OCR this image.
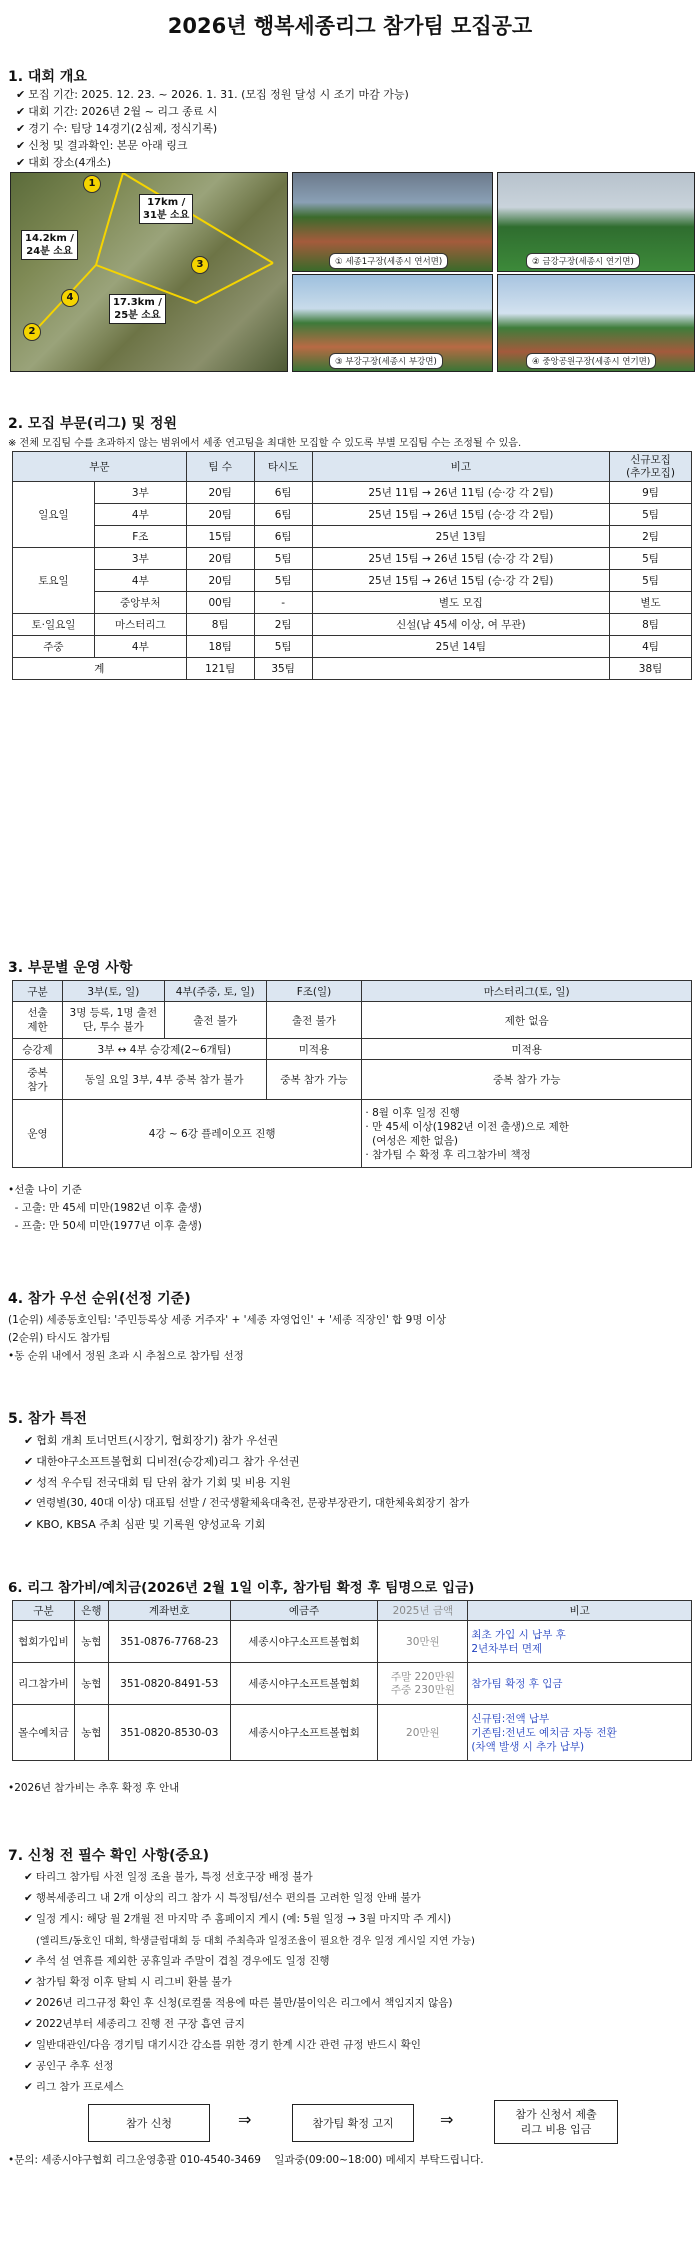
2026년 행복세종리그 참가팀 모집공고
1. 대회 개요
✔ 모집 기간: 2025. 12. 23. ~ 2026. 1. 31. (모집 정원 달성 시 조기 마감 가능)
✔ 대회 기간: 2026년 2월 ~ 리그 종료 시
✔ 경기 수: 팀당 14경기(2심제, 정식기록)
✔ 신청 및 결과확인: 본문 아래 링크
✔ 대회 장소(4개소)
1
3
4
2
17km /
31분 소요
14.2km /
24분 소요
17.3km /
25분 소요
① 세종1구장(세종시 연서면)	② 금강구장(세종시 연기면)
③ 부강구장(세종시 부강면)	④ 중앙공원구장(세종시 연기면)
2. 모집 부문(리그) 및 정원
※ 전체 모집팀 수를 초과하지 않는 범위에서 세종 연고팀을 최대한 모집할 수 있도록 부별 모집팀 수는 조정될 수 있음.
부문		팀 수	타시도	비고	신규모집
(추가모집)
일요일	3부	20팀	6팀	25년 11팀 → 26년 11팀 (승·강 각 2팀)	9팀
	4부	20팀	6팀	25년 15팀 → 26년 15팀 (승·강 각 2팀)	5팀
	F조	15팀	6팀	25년 13팀	2팀
토요일	3부	20팀	5팀	25년 15팀 → 26년 15팀 (승·강 각 2팀)	5팀
	4부	20팀	5팀	25년 15팀 → 26년 15팀 (승·강 각 2팀)	5팀
	중앙부처	00팀	-	별도 모집	별도
토·일요일	마스터리그	8팀	2팀	신설(남 45세 이상, 여 무관)	8팀
주중	4부	18팀	5팀	25년 14팀	4팀
계		121팀	35팀		38팀
3. 부문별 운영 사항
구분	3부(토, 일)	4부(주중, 토, 일)	F조(일)	마스터리그(토, 일)
선출
제한	3명 등록, 1명 출전
단, 투수 불가	출전 불가	출전 불가	제한 없음
승강제	3부 ↔ 4부 승강제(2~6개팀)		미적용	미적용
중복
참가	동일 요일 3부, 4부 중복 참가 불가		중복 참가 가능	중복 참가 가능
운영	4강 ~ 6강 플레이오프 진행			· 8월 이후 일정 진행
· 만 45세 이상(1982년 이전 출생)으로 제한
(여성은 제한 없음)
· 참가팀 수 확정 후 리그참가비 책정
•선출 나이 기준
- 고출: 만 45세 미만(1982년 이후 출생)
- 프출: 만 50세 미만(1977년 이후 출생)
4. 참가 우선 순위(선정 기준)
(1순위) 세종동호인팀: '주민등록상 세종 거주자' + '세종 자영업인' + '세종 직장인' 합 9명 이상
(2순위) 타시도 참가팀
•동 순위 내에서 정원 초과 시 추첨으로 참가팀 선정
5. 참가 특전
✔ 협회 개최 토너먼트(시장기, 협회장기) 참가 우선권
✔ 대한야구소프트볼협회 디비전(승강제)리그 참가 우선권
✔ 성적 우수팀 전국대회 팀 단위 참가 기회 및 비용 지원
✔ 연령별(30, 40대 이상) 대표팀 선발 / 전국생활체육대축전, 문광부장관기, 대한체육회장기 참가
✔ KBO, KBSA 주최 심판 및 기록원 양성교육 기회
6. 리그 참가비/예치금(2026년 2월 1일 이후, 참가팀 확정 후 팀명으로 입금)
구분	은행	계좌번호	예금주	2025년 금액	비고
협회가입비	농협	351-0876-7768-23	세종시야구소프트볼협회	30만원	최초 가입 시 납부 후
2년차부터 면제
리그참가비	농협	351-0820-8491-53	세종시야구소프트볼협회	주말 220만원
주중 230만원	참가팀 확정 후 입금
몰수예치금	농협	351-0820-8530-03	세종시야구소프트볼협회	20만원	신규팀:전액 납부
기존팀:전년도 예치금 자동 전환
(차액 발생 시 추가 납부)
•2026년 참가비는 추후 확정 후 안내
7. 신청 전 필수 확인 사항(중요)
✔ 타리그 참가팀 사전 일정 조율 불가, 특정 선호구장 배정 불가
✔ 행복세종리그 내 2개 이상의 리그 참가 시 특정팀/선수 편의를 고려한 일정 안배 불가
✔ 일정 게시: 해당 월 2개월 전 마지막 주 홈페이지 게시 (예: 5월 일정 → 3월 마지막 주 게시)
(엘리트/동호인 대회, 학생클럽대회 등 대회 주최측과 일정조율이 필요한 경우 일정 게시일 지연 가능)
✔ 추석 설 연휴를 제외한 공휴일과 주말이 겹칠 경우에도 일정 진행
✔ 참가팀 확정 이후 탈퇴 시 리그비 환불 불가
✔ 2026년 리그규정 확인 후 신청(로컬룰 적용에 따른 불만/불이익은 리그에서 책임지지 않음)
✔ 2022년부터 세종리그 진행 전 구장 흡연 금지
✔ 일반대관인/다음 경기팀 대기시간 감소를 위한 경기 한계 시간 관련 규정 반드시 확인
✔ 공인구 추후 선정
✔ 리그 참가 프로세스
참가 신청	⇒	참가팀 확정 고지	⇒	참가 신청서 제출
리그 비용 입금
•문의: 세종시야구협회 리그운영총괄 010-4540-3469    일과중(09:00~18:00) 메세지 부탁드립니다.
